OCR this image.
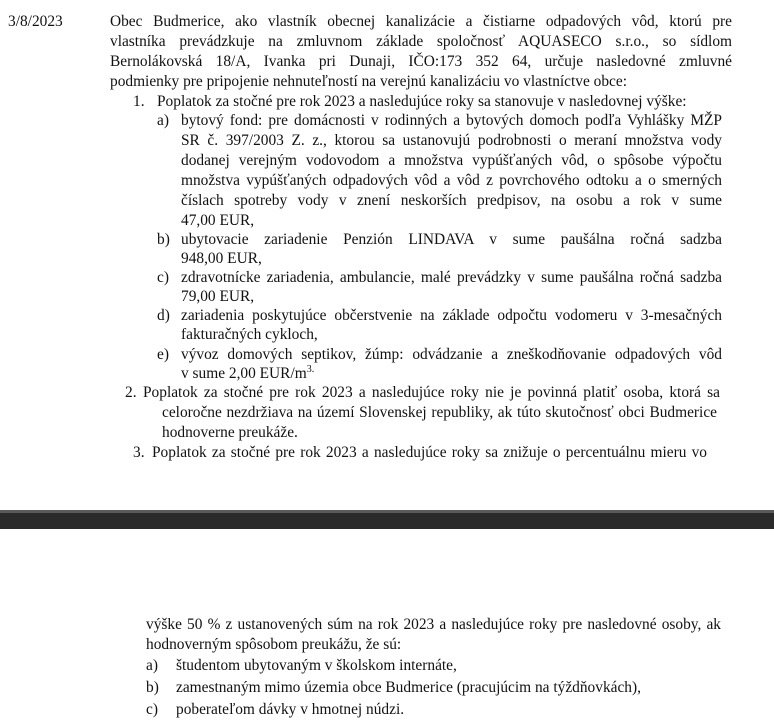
3/8/2023	Obec Budmerice, ako vlastník obecnej kanalizácie a čistiarne odpadových vôd, ktorú pre
vlastníka prevádzkuje na zmluvnom základe spoločnosť AQUASECO s.r.o., so sídlom
Bernolákovská 18/A, Ivanka pri Dunaji, IČO:173 352 64, určuje nasledovné zmluvné
podmienky pre pripojenie nehnuteľností na verejnú kanalizáciu vo vlastníctve obce:
1. Poplatok za stočné pre rok 2023 a nasledujúce roky sa stanovuje v nasledovnej výške:
a) bytový fond: pre domácnosti v rodinných a bytových domoch podľa Vyhlášky MŽP
SR č. 397/2003 Z. z., ktorou sa ustanovujú podrobnosti o meraní množstva vody
dodanej verejným vodovodom a množstva vypúšťaných vôd, o spôsobe výpočtu
množstva vypúšťaných odpadových vôd a vôd z povrchového odtoku a o smerných
číslach spotreby vody v znení neskorších predpisov, na osobu a rok v sume
47,00 EUR,
b) ubytovacie zariadenie Penzión LINDAVA v sume paušálna ročná sadzba
948,00 EUR,
c) zdravotnícke zariadenia, ambulancie, malé prevádzky v sume paušálna ročná sadzba
79,00 EUR,
d) zariadenia poskytujúce občerstvenie na základe odpočtu vodomeru v 3-mesačných
fakturačných cykloch,
e) vývoz domových septikov, žúmp: odvádzanie a zneškodňovanie odpadových vôd
v sume 2,00 EUR/$m^{3.}$
2. Poplatok za stočné pre rok 2023 a nasledujúce roky nie je povinná platiť osoba, ktorá sa
celoročne nezdržiava na území Slovenskej republiky, ak túto skutočnosť obci Budmerice
hodnoverne preukáže.
3. Poplatok za stočné pre rok 2023 a nasledujúce roky sa znižuje o percentuálnu mieru vo
výške 50 % z ustanovených súm na rok 2023 a nasledujúce roky pre nasledovné osoby, ak
hodnoverným spôsobom preukážu, že sú:
a) študentom ubytovaným v školskom internáte,
b) zamestnaným mimo územia obce Budmerice (pracujúcim na týždňovkách),
c) poberateľom dávky v hmotnej núdzi.
